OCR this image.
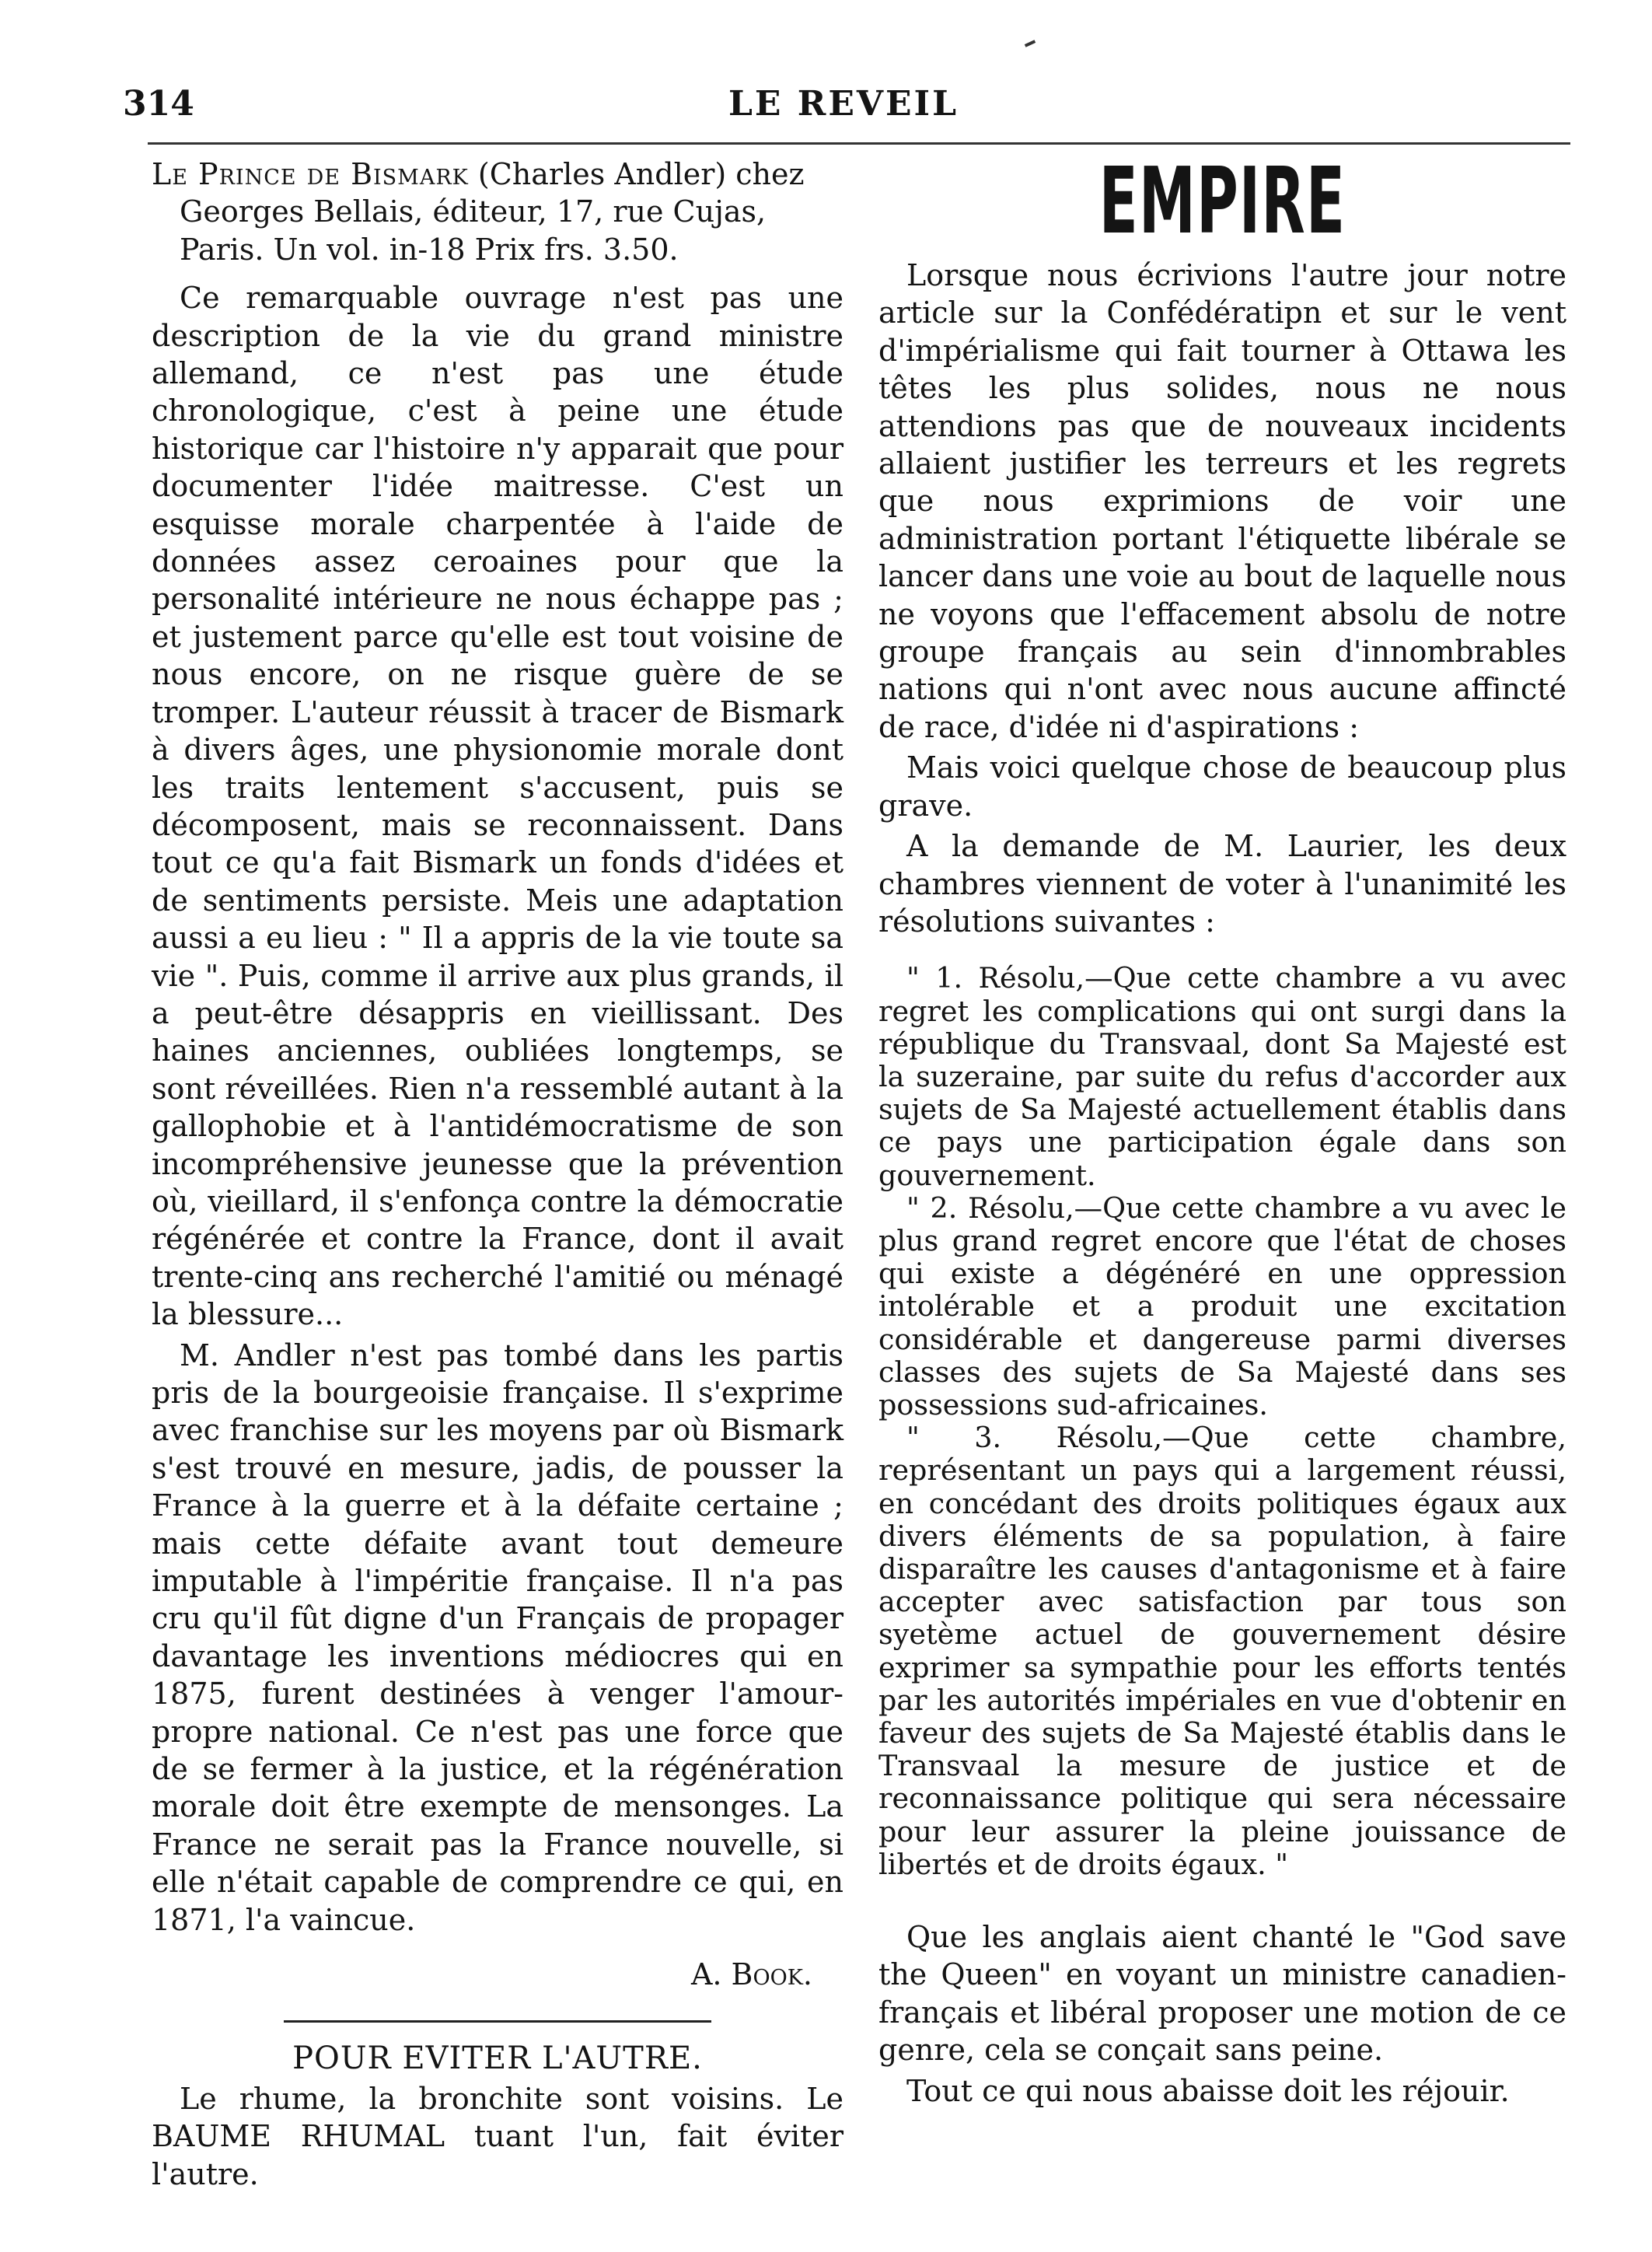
314	LE REVEIL

Le Prince de Bismark (Charles Andler) chez Georges Bellais, éditeur, 17, rue Cujas, Paris. Un vol. in-18 Prix frs. 3.50.

Ce remarquable ouvrage n'est pas une description de la vie du grand ministre allemand, ce n'est pas une étude chronologique, c'est à peine une étude historique car l'histoire n'y apparait que pour documenter l'idée maitresse. C'est un esquisse morale charpentée à l'aide de données assez ceroaines pour que la personalité intérieure ne nous échappe pas ; et justement parce qu'elle est tout voisine de nous encore, on ne risque guère de se tromper. L'auteur réussit à tracer de Bismark à divers âges, une physionomie morale dont les traits lentement s'accusent, puis se décomposent, mais se reconnaissent. Dans tout ce qu'a fait Bismark un fonds d'idées et de sentiments persiste. Meis une adaptation aussi a eu lieu : " Il a appris de la vie toute sa vie ". Puis, comme il arrive aux plus grands, il a peut-être désappris en vieillissant. Des haines anciennes, oubliées longtemps, se sont réveillées. Rien n'a ressemblé autant à la gallophobie et à l'antidémocratisme de son incompréhensive jeunesse que la prévention où, vieillard, il s'enfonça contre la démocratie régénérée et contre la France, dont il avait trente-cinq ans recherché l'amitié ou ménagé la blessure...

M. Andler n'est pas tombé dans les partis pris de la bourgeoisie française. Il s'exprime avec franchise sur les moyens par où Bismark s'est trouvé en mesure, jadis, de pousser la France à la guerre et à la défaite certaine ; mais cette défaite avant tout demeure imputable à l'impéritie française. Il n'a pas cru qu'il fût digne d'un Français de propager davantage les inventions médiocres qui en 1875, furent destinées à venger l'amour-propre national. Ce n'est pas une force que de se fermer à la justice, et la régénération morale doit être exempte de mensonges. La France ne serait pas la France nouvelle, si elle n'était capable de comprendre ce qui, en 1871, l'a vaincue.

A. Book.

POUR EVITER L'AUTRE.

Le rhume, la bronchite sont voisins. Le BAUME RHUMAL tuant l'un, fait éviter l'autre.

EMPIRE

Lorsque nous écrivions l'autre jour notre article sur la Confédératipn et sur le vent d'impérialisme qui fait tourner à Ottawa les têtes les plus solides, nous ne nous attendions pas que de nouveaux incidents allaient justifier les terreurs et les regrets que nous exprimions de voir une administration portant l'étiquette libérale se lancer dans une voie au bout de laquelle nous ne voyons que l'effacement absolu de notre groupe français au sein d'innombrables nations qui n'ont avec nous aucune affincté de race, d'idée ni d'aspirations :

Mais voici quelque chose de beaucoup plus grave.

A la demande de M. Laurier, les deux chambres viennent de voter à l'unanimité les résolutions suivantes :

" 1. Résolu,—Que cette chambre a vu avec regret les complications qui ont surgi dans la république du Transvaal, dont Sa Majesté est la suzeraine, par suite du refus d'accorder aux sujets de Sa Majesté actuellement établis dans ce pays une participation égale dans son gouvernement.

" 2. Résolu,—Que cette chambre a vu avec le plus grand regret encore que l'état de choses qui existe a dégénéré en une oppression intolérable et a produit une excitation considérable et dangereuse parmi diverses classes des sujets de Sa Majesté dans ses possessions sud-africaines.

" 3. Résolu,—Que cette chambre, représentant un pays qui a largement réussi, en concédant des droits politiques égaux aux divers éléments de sa population, à faire disparaître les causes d'antagonisme et à faire accepter avec satisfaction par tous son syetème actuel de gouvernement désire exprimer sa sympathie pour les efforts tentés par les autorités impériales en vue d'obtenir en faveur des sujets de Sa Majesté établis dans le Transvaal la mesure de justice et de reconnaissance politique qui sera nécessaire pour leur assurer la pleine jouissance de libertés et de droits égaux. "

Que les anglais aient chanté le "God save the Queen" en voyant un ministre canadien-français et libéral proposer une motion de ce genre, cela se conçait sans peine.

Tout ce qui nous abaisse doit les réjouir.
